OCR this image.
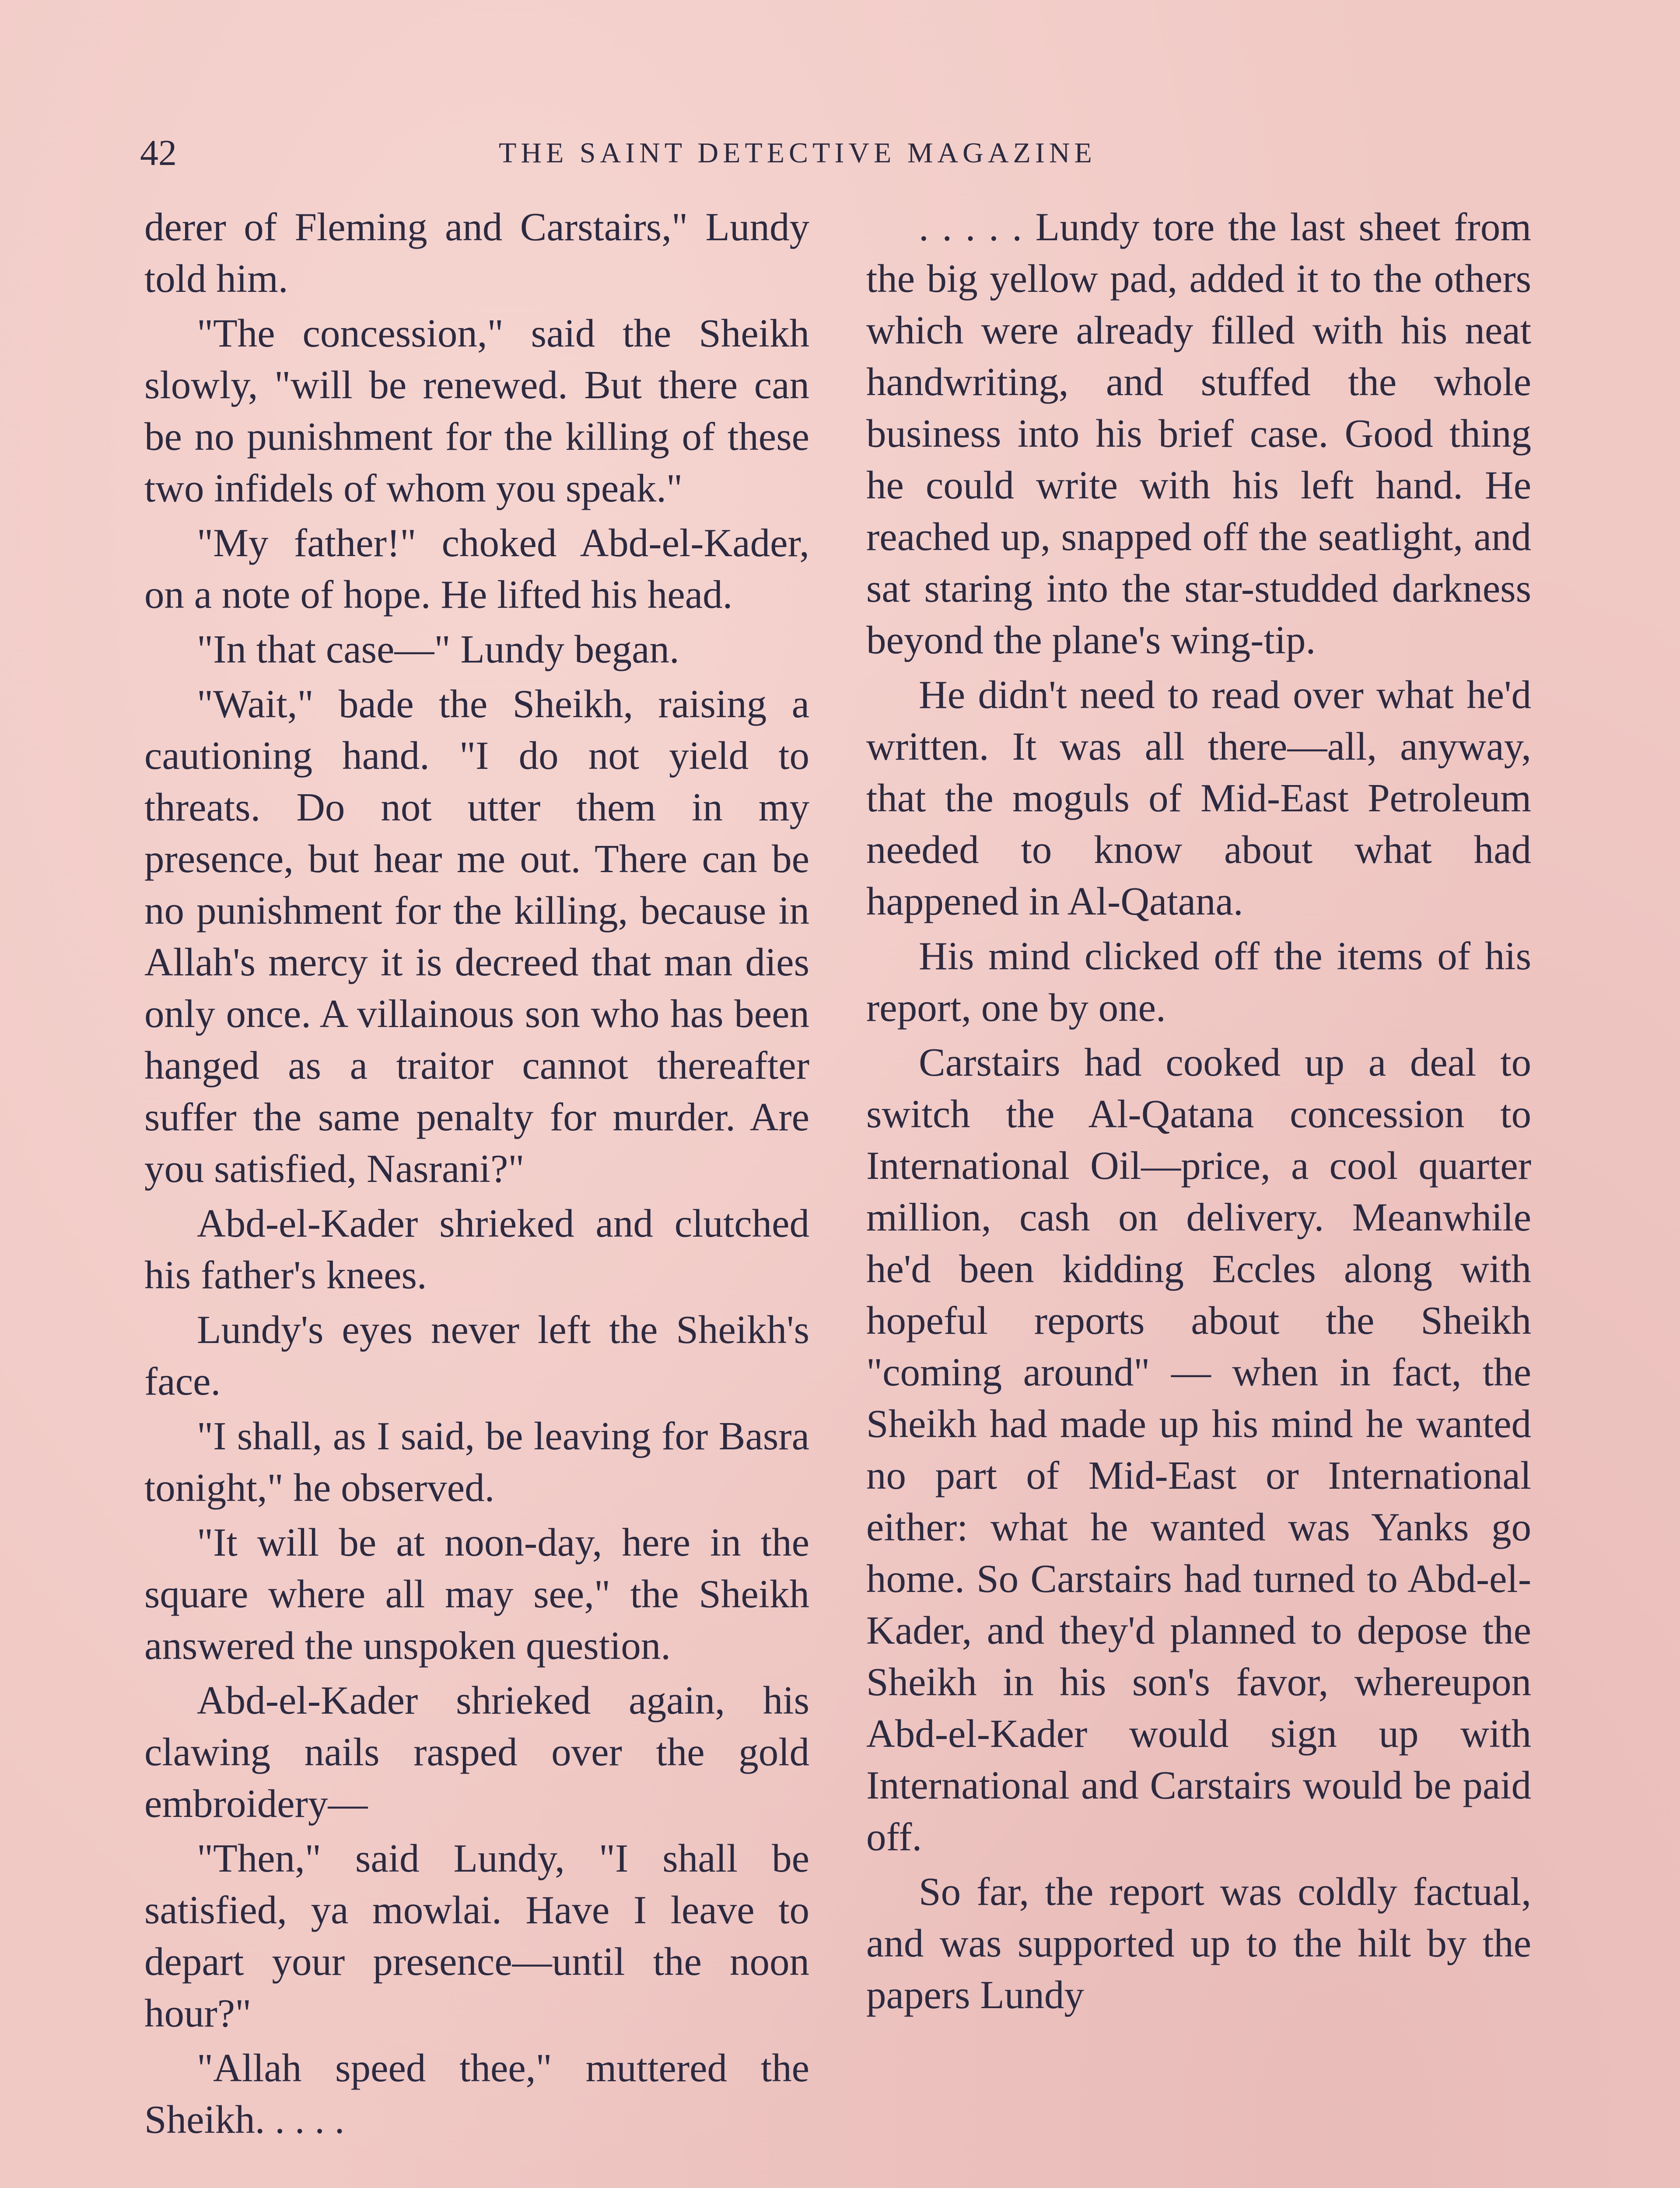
42	THE SAINT DETECTIVE MAGAZINE

derer of Fleming and Carstairs," Lundy told him.

"The concession," said the Sheikh slowly, "will be renewed. But there can be no punishment for the killing of these two infidels of whom you speak."

"My father!" choked Abd-el-Kader, on a note of hope. He lifted his head.

"In that case—" Lundy began.

"Wait," bade the Sheikh, raising a cautioning hand. "I do not yield to threats. Do not utter them in my presence, but hear me out. There can be no punishment for the killing, because in Allah's mercy it is decreed that man dies only once. A villainous son who has been hanged as a traitor cannot thereafter suffer the same penalty for murder. Are you satisfied, Nasrani?"

Abd-el-Kader shrieked and clutched his father's knees.

Lundy's eyes never left the Sheikh's face.

"I shall, as I said, be leaving for Basra tonight," he observed.

"It will be at noon-day, here in the square where all may see," the Sheikh answered the unspoken question.

Abd-el-Kader shrieked again, his clawing nails rasped over the gold embroidery—

"Then," said Lundy, "I shall be satisfied, ya mowlai. Have I leave to depart your presence—until the noon hour?"

"Allah speed thee," muttered the Sheikh. . . . .

. . . . . Lundy tore the last sheet from the big yellow pad, added it to the others which were already filled with his neat handwriting, and stuffed the whole business into his brief case. Good thing he could write with his left hand. He reached up, snapped off the seatlight, and sat staring into the star-studded darkness beyond the plane's wing-tip.

He didn't need to read over what he'd written. It was all there—all, anyway, that the moguls of Mid-East Petroleum needed to know about what had happened in Al-Qatana.

His mind clicked off the items of his report, one by one.

Carstairs had cooked up a deal to switch the Al-Qatana concession to International Oil—price, a cool quarter million, cash on delivery. Meanwhile he'd been kidding Eccles along with hopeful reports about the Sheikh "coming around" — when in fact, the Sheikh had made up his mind he wanted no part of Mid-East or International either: what he wanted was Yanks go home. So Carstairs had turned to Abd-el-Kader, and they'd planned to depose the Sheikh in his son's favor, whereupon Abd-el-Kader would sign up with International and Carstairs would be paid off.

So far, the report was coldly factual, and was supported up to the hilt by the papers Lundy
